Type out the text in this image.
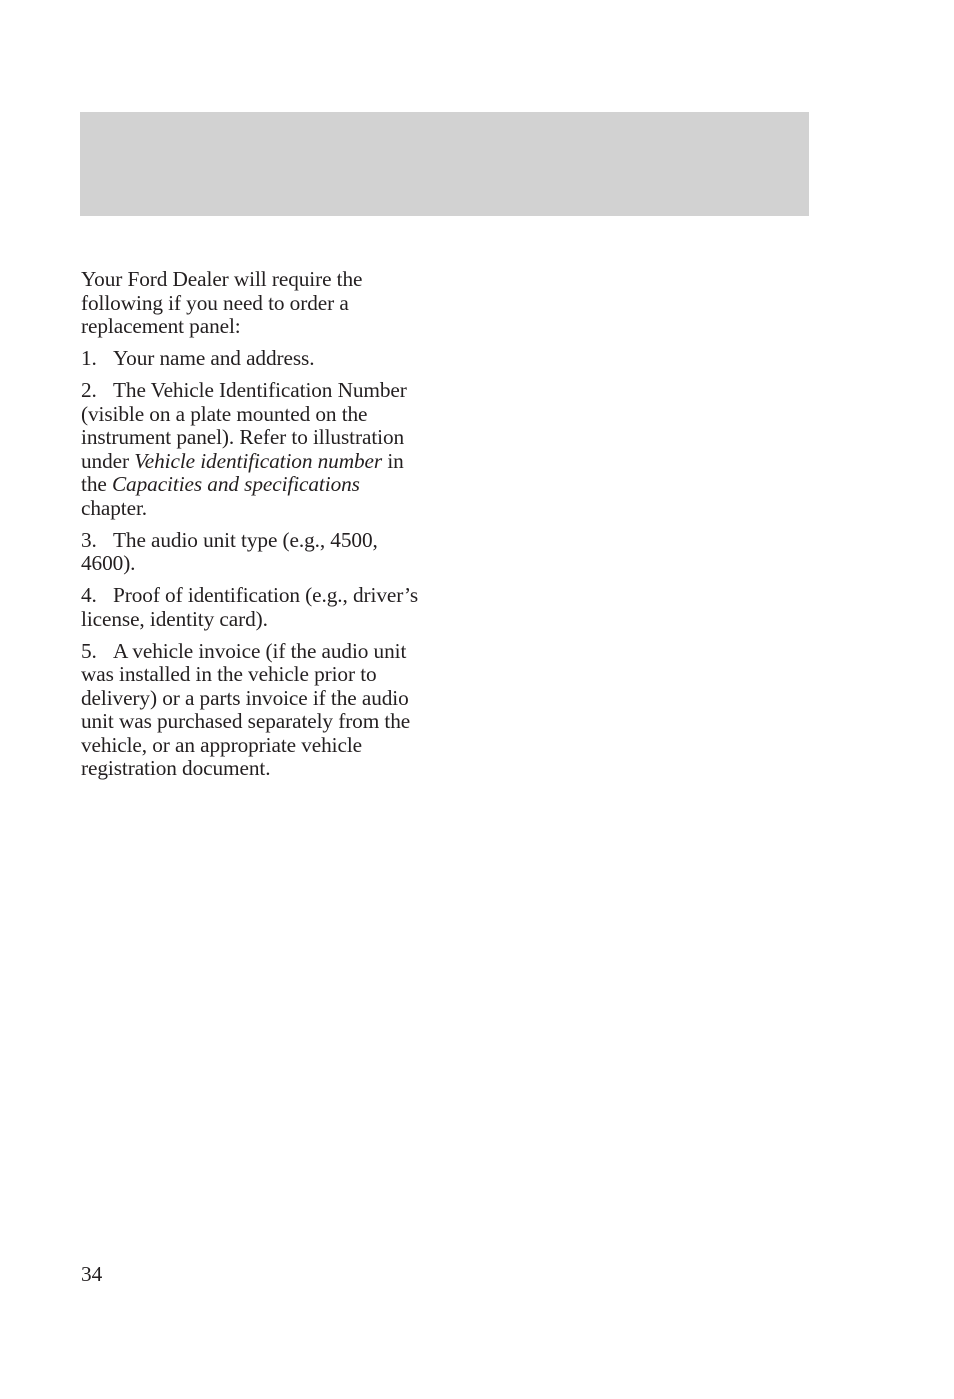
Your Ford Dealer will require the following if you need to order a replacement panel:

1. Your name and address.

2. The Vehicle Identification Number (visible on a plate mounted on the instrument panel). Refer to illustration under Vehicle identification number in the Capacities and specifications chapter.

3. The audio unit type (e.g., 4500, 4600).

4. Proof of identification (e.g., driver’s license, identity card).

5. A vehicle invoice (if the audio unit was installed in the vehicle prior to delivery) or a parts invoice if the audio unit was purchased separately from the vehicle, or an appropriate vehicle registration document.

34
